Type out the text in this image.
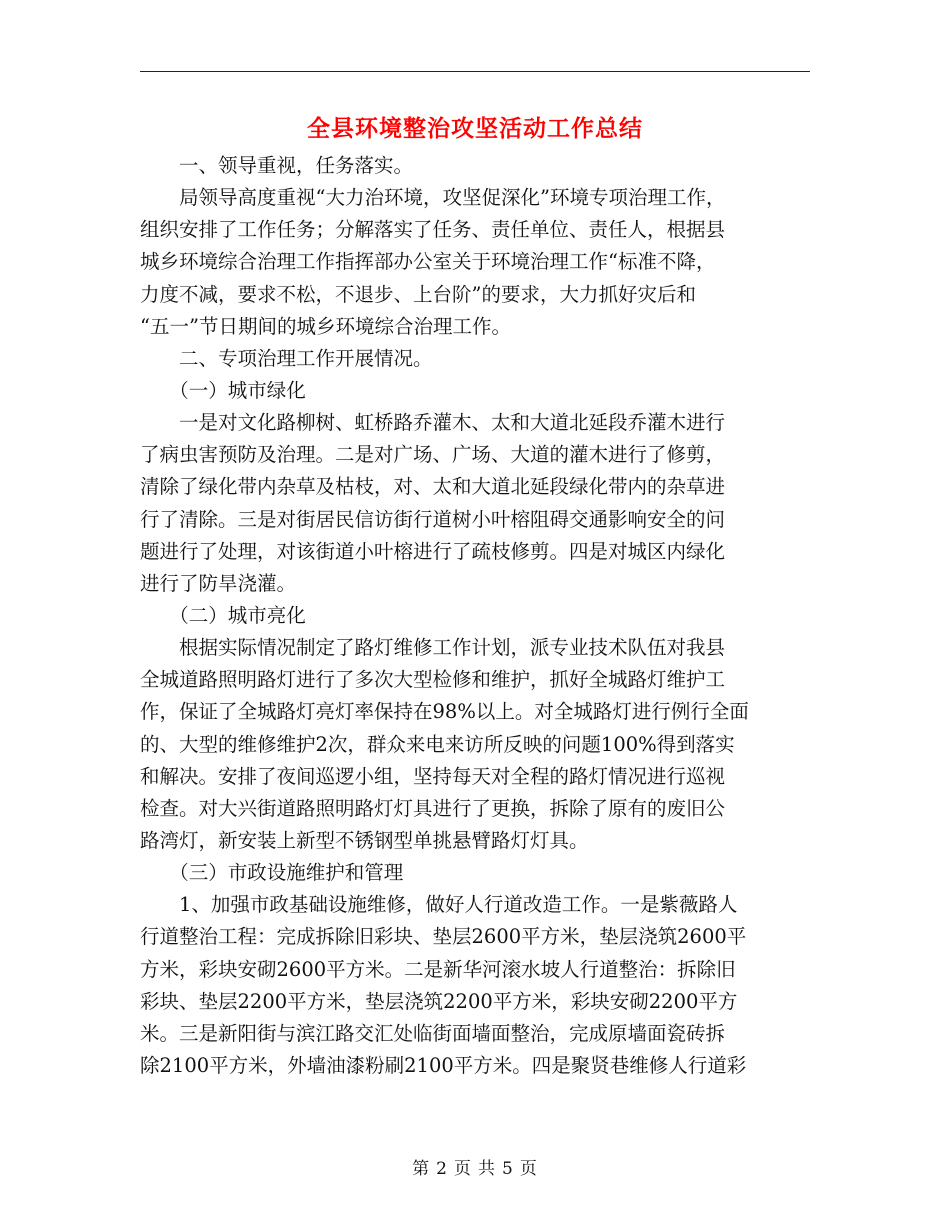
全县环境整治攻坚活动工作总结
　　一、领导重视，任务落实。
　　局领导高度重视“大力治环境，攻坚促深化”环境专项治理工作，
组织安排了工作任务；分解落实了任务、责任单位、责任人，根据县
城乡环境综合治理工作指挥部办公室关于环境治理工作“标准不降，
力度不减，要求不松，不退步、上台阶”的要求，大力抓好灾后和
“五一”节日期间的城乡环境综合治理工作。
　　二、专项治理工作开展情况。
　　（一）城市绿化
　　一是对文化路柳树、虹桥路乔灌木、太和大道北延段乔灌木进行
了病虫害预防及治理。二是对广场、广场、大道的灌木进行了修剪，
清除了绿化带内杂草及枯枝，对、太和大道北延段绿化带内的杂草进
行了清除。三是对街居民信访街行道树小叶榕阻碍交通影响安全的问
题进行了处理，对该街道小叶榕进行了疏枝修剪。四是对城区内绿化
进行了防旱浇灌。
　　（二）城市亮化
　　根据实际情况制定了路灯维修工作计划，派专业技术队伍对我县
全城道路照明路灯进行了多次大型检修和维护，抓好全城路灯维护工
作，保证了全城路灯亮灯率保持在98%以上。对全城路灯进行例行全面
的、大型的维修维护2次，群众来电来访所反映的问题100%得到落实
和解决。安排了夜间巡逻小组，坚持每天对全程的路灯情况进行巡视
检查。对大兴街道路照明路灯灯具进行了更换，拆除了原有的废旧公
路湾灯，新安装上新型不锈钢型单挑悬臂路灯灯具。
　　（三）市政设施维护和管理
　　1、加强市政基础设施维修，做好人行道改造工作。一是紫薇路人
行道整治工程：完成拆除旧彩块、垫层2600平方米，垫层浇筑2600平
方米，彩块安砌2600平方米。二是新华河滚水坡人行道整治：拆除旧
彩块、垫层2200平方米，垫层浇筑2200平方米，彩块安砌2200平方
米。三是新阳街与滨江路交汇处临街面墙面整治，完成原墙面瓷砖拆
除2100平方米，外墙油漆粉刷2100平方米。四是聚贤巷维修人行道彩
第 2 页 共 5 页
